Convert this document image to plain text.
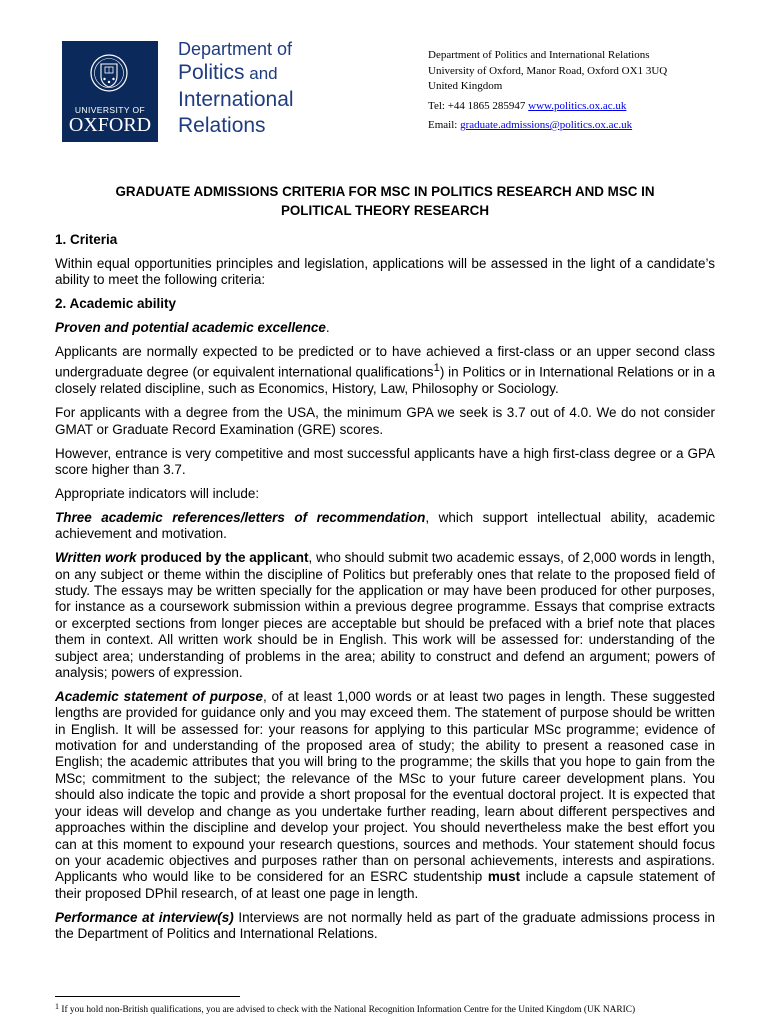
UNIVERSITY OF
OXFORD
Department of
Politics and
International
Relations
Department of Politics and International Relations
University of Oxford, Manor Road, Oxford OX1 3UQ
United Kingdom
Tel: +44 1865 285947 www.politics.ox.ac.uk
Email: graduate.admissions@politics.ox.ac.uk
GRADUATE ADMISSIONS CRITERIA FOR MSC IN POLITICS RESEARCH AND MSC IN
POLITICAL THEORY RESEARCH
1. Criteria

Within equal opportunities principles and legislation, applications will be assessed in the light of a candidate’s ability to meet the following criteria:

2. Academic ability

Proven and potential academic excellence.

Applicants are normally expected to be predicted or to have achieved a first-class or an upper second class undergraduate degree (or equivalent international qualifications$^1$) in Politics or in International Relations or in a closely related discipline, such as Economics, History, Law, Philosophy or Sociology.

For applicants with a degree from the USA, the minimum GPA we seek is 3.7 out of 4.0. We do not consider GMAT or Graduate Record Examination (GRE) scores.

However, entrance is very competitive and most successful applicants have a high first-class degree or a GPA score higher than 3.7.

Appropriate indicators will include:

Three academic references/letters of recommendation, which support intellectual ability, academic achievement and motivation.

Written work produced by the applicant, who should submit two academic essays, of 2,000 words in length, on any subject or theme within the discipline of Politics but preferably ones that relate to the proposed field of study. The essays may be written specially for the application or may have been produced for other purposes, for instance as a coursework submission within a previous degree programme. Essays that comprise extracts or excerpted sections from longer pieces are acceptable but should be prefaced with a brief note that places them in context. All written work should be in English. This work will be assessed for: understanding of the subject area; understanding of problems in the area; ability to construct and defend an argument; powers of analysis; powers of expression.

Academic statement of purpose, of at least 1,000 words or at least two pages in length. These suggested lengths are provided for guidance only and you may exceed them. The statement of purpose should be written in English. It will be assessed for: your reasons for applying to this particular MSc programme; evidence of motivation for and understanding of the proposed area of study; the ability to present a reasoned case in English; the academic attributes that you will bring to the programme; the skills that you hope to gain from the MSc; commitment to the subject; the relevance of the MSc to your future career development plans. You should also indicate the topic and provide a short proposal for the eventual doctoral project. It is expected that your ideas will develop and change as you undertake further reading, learn about different perspectives and approaches within the discipline and develop your project. You should nevertheless make the best effort you can at this moment to expound your research questions, sources and methods. Your statement should focus on your academic objectives and purposes rather than on personal achievements, interests and aspirations. Applicants who would like to be considered for an ESRC studentship must include a capsule statement of their proposed DPhil research, of at least one page in length.

Performance at interview(s) Interviews are not normally held as part of the graduate admissions process in the Department of Politics and International Relations.

$^1$ If you hold non-British qualifications, you are advised to check with the National Recognition Information Centre for the United Kingdom (UK NARIC)
